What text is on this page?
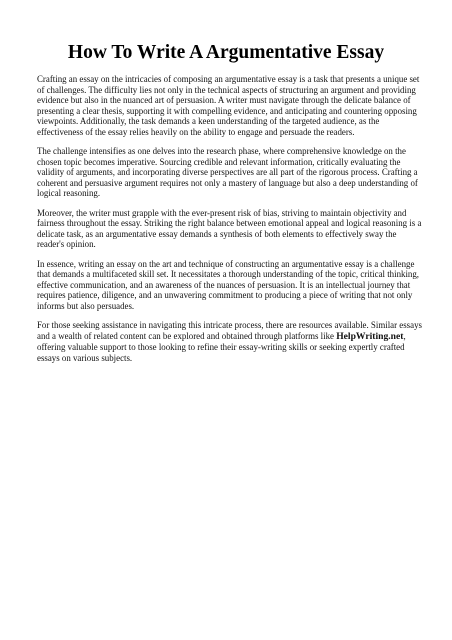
How To Write A Argumentative Essay

Crafting an essay on the intricacies of composing an argumentative essay is a task that presents a unique set of challenges. The difficulty lies not only in the technical aspects of structuring an argument and providing evidence but also in the nuanced art of persuasion. A writer must navigate through the delicate balance of presenting a clear thesis, supporting it with compelling evidence, and anticipating and countering opposing viewpoints. Additionally, the task demands a keen understanding of the targeted audience, as the effectiveness of the essay relies heavily on the ability to engage and persuade the readers.

The challenge intensifies as one delves into the research phase, where comprehensive knowledge on the chosen topic becomes imperative. Sourcing credible and relevant information, critically evaluating the validity of arguments, and incorporating diverse perspectives are all part of the rigorous process. Crafting a coherent and persuasive argument requires not only a mastery of language but also a deep understanding of logical reasoning.

Moreover, the writer must grapple with the ever-present risk of bias, striving to maintain objectivity and fairness throughout the essay. Striking the right balance between emotional appeal and logical reasoning is a delicate task, as an argumentative essay demands a synthesis of both elements to effectively sway the reader's opinion.

In essence, writing an essay on the art and technique of constructing an argumentative essay is a challenge that demands a multifaceted skill set. It necessitates a thorough understanding of the topic, critical thinking, effective communication, and an awareness of the nuances of persuasion. It is an intellectual journey that requires patience, diligence, and an unwavering commitment to producing a piece of writing that not only informs but also persuades.

For those seeking assistance in navigating this intricate process, there are resources available. Similar essays and a wealth of related content can be explored and obtained through platforms like HelpWriting.net, offering valuable support to those looking to refine their essay-writing skills or seeking expertly crafted essays on various subjects.
